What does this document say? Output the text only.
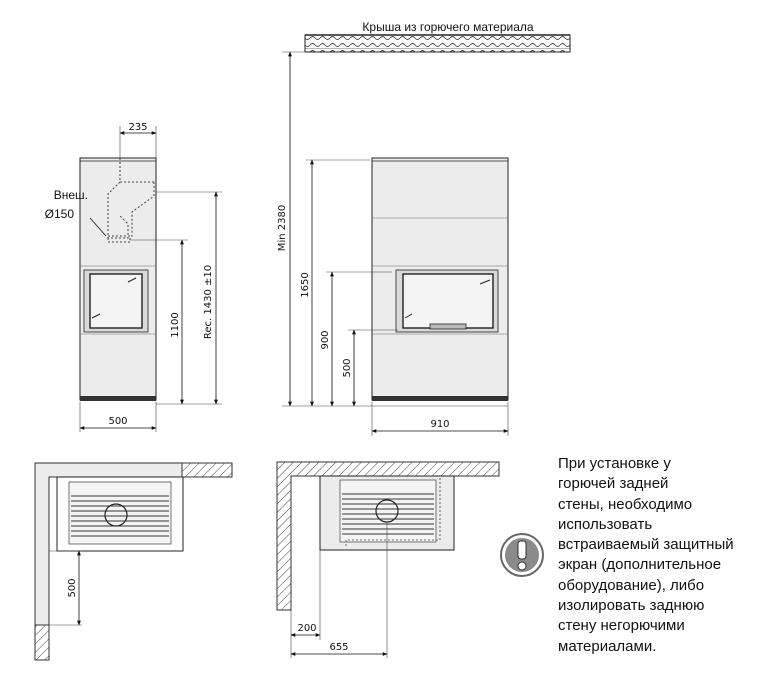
Крыша из горючего материала
Внеш.
Ø150
235
500
1100 Rec. 1430 ±10
Min 2380
1650
900
500
910
500
200
655
При установке у
горючей задней
стены, необходимо
использовать
встраиваемый защитный
экран (дополнительное
оборудование), либо
изолировать заднюю
стену негорючими
материалами.
